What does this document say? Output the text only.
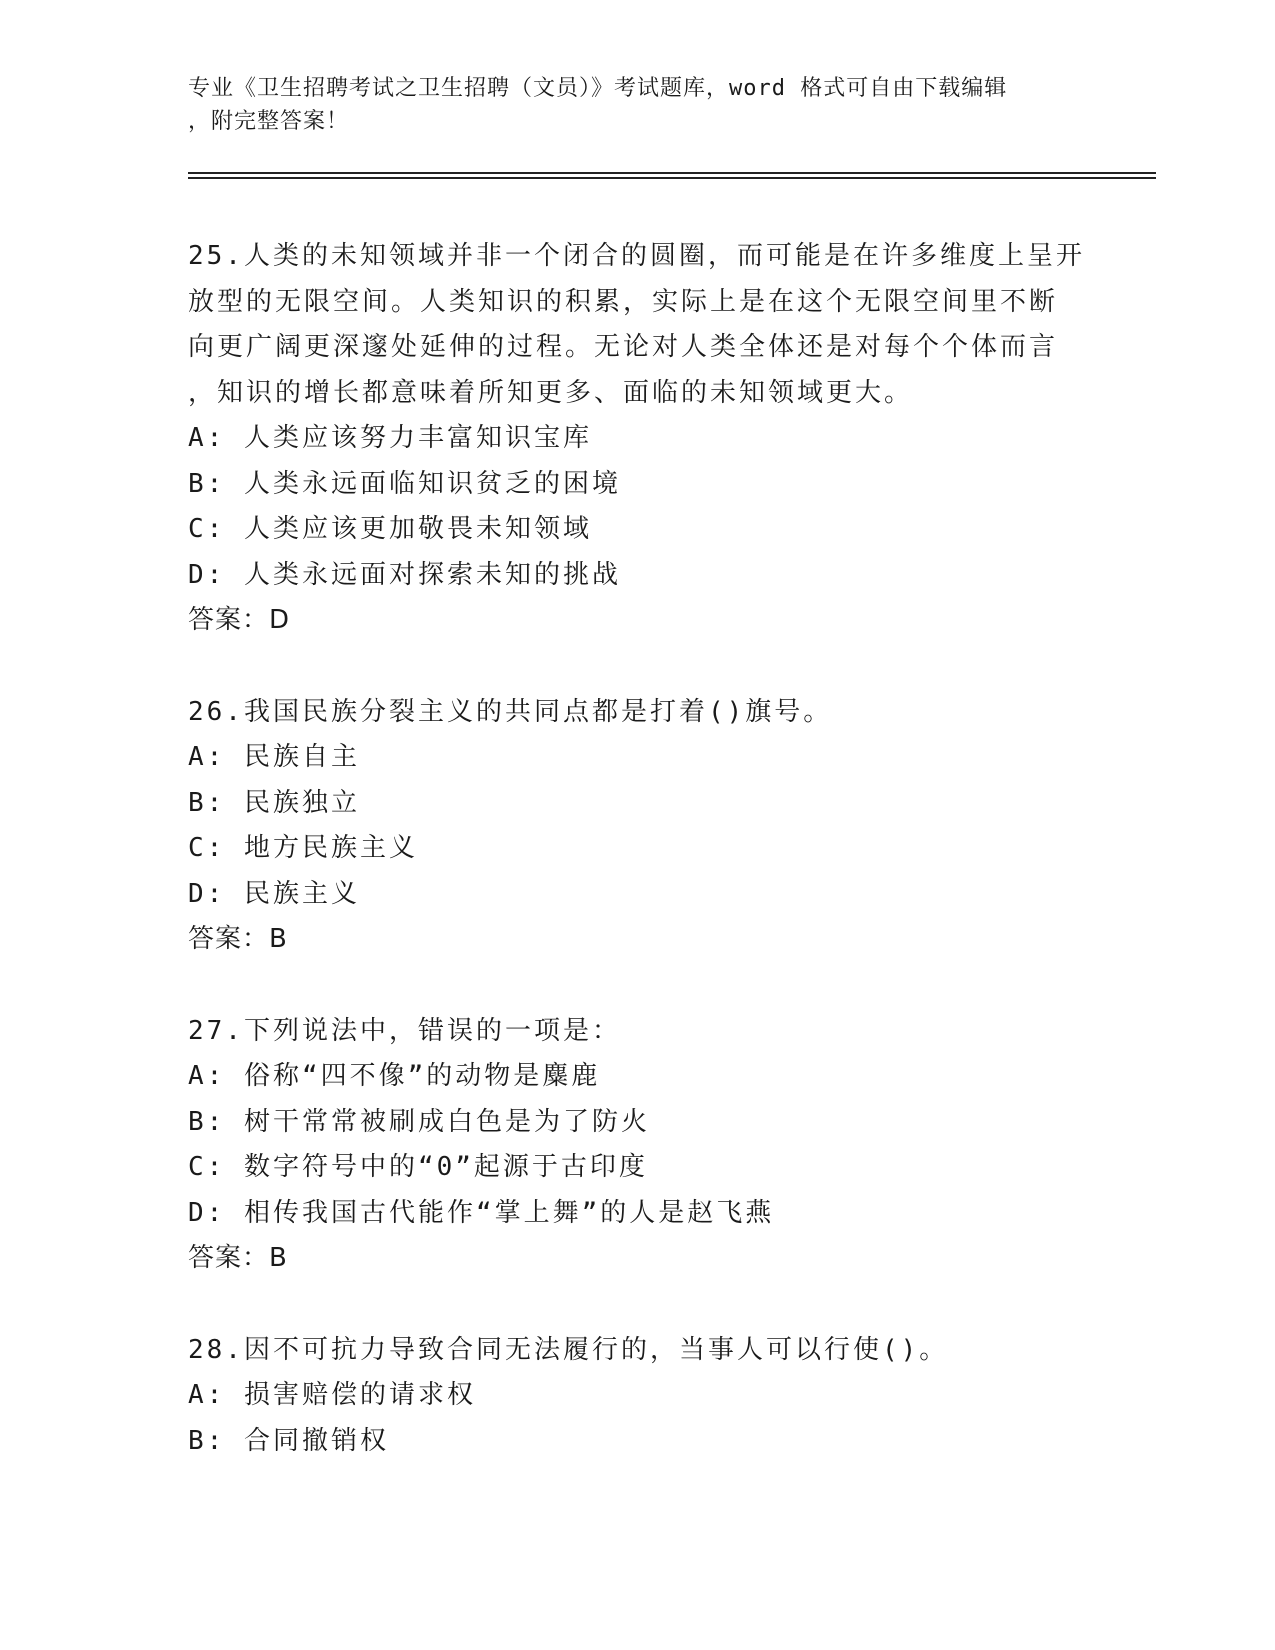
专业《卫生招聘考试之卫生招聘（文员）》考试题库，word 格式可自由下载编辑
，附完整答案！
25.人类的未知领域并非一个闭合的圆圈，而可能是在许多维度上呈开
放型的无限空间。人类知识的积累，实际上是在这个无限空间里不断
向更广阔更深邃处延伸的过程。无论对人类全体还是对每个个体而言
，知识的增长都意味着所知更多、面临的未知领域更大。
A: 人类应该努力丰富知识宝库
B: 人类永远面临知识贫乏的困境
C: 人类应该更加敬畏未知领域
D: 人类永远面对探索未知的挑战
答案：D
26.我国民族分裂主义的共同点都是打着()旗号。
A: 民族自主
B: 民族独立
C: 地方民族主义
D: 民族主义
答案：B
27.下列说法中，错误的一项是：
A: 俗称“四不像”的动物是麋鹿
B: 树干常常被刷成白色是为了防火
C: 数字符号中的“0”起源于古印度
D: 相传我国古代能作“掌上舞”的人是赵飞燕
答案：B
28.因不可抗力导致合同无法履行的，当事人可以行使()。
A: 损害赔偿的请求权
B: 合同撤销权
